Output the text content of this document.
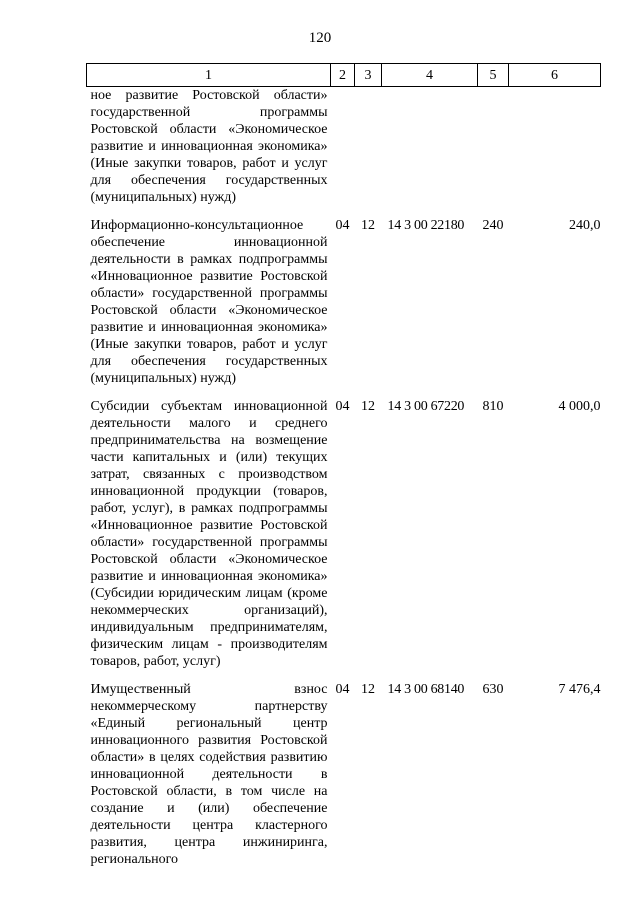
120
1	2	3	4	5	6
ное развитие Ростовской области» государственной программы Ростовской области «Экономическое развитие и инновационная экономика» (Иные закупки товаров, работ и услуг для обеспечения государственных (муниципальных) нужд)					

Информационно-консультационное обеспечение инновационной деятельности в рамках подпрограммы «Инновационное развитие Ростовской области» государственной программы Ростовской области «Экономическое развитие и инновационная экономика» (Иные закупки товаров, работ и услуг для обеспечения государственных (муниципальных) нужд)	04	12	14 3 00 22180	240	240,0

Субсидии субъектам инновационной деятельности малого и среднего предпринимательства на возмещение части капитальных и (или) текущих затрат, связанных с производством инновационной продукции (товаров, работ, услуг), в рамках подпрограммы «Инновационное развитие Ростовской области» государственной программы Ростовской области «Экономическое развитие и инновационная экономика» (Субсидии юридическим лицам (кроме некоммерческих организаций), индивидуальным предпринимателям, физическим лицам - производителям товаров, работ, услуг)	04	12	14 3 00 67220	810	4 000,0

Имущественный взнос некоммерческому партнерству «Единый региональный центр инновационного развития Ростовской области» в целях содействия развитию инновационной деятельности в Ростовской области, в том числе на создание и (или) обеспечение деятельности центра кластерного развития, центра инжиниринга, регионального	04	12	14 3 00 68140	630	7 476,4
